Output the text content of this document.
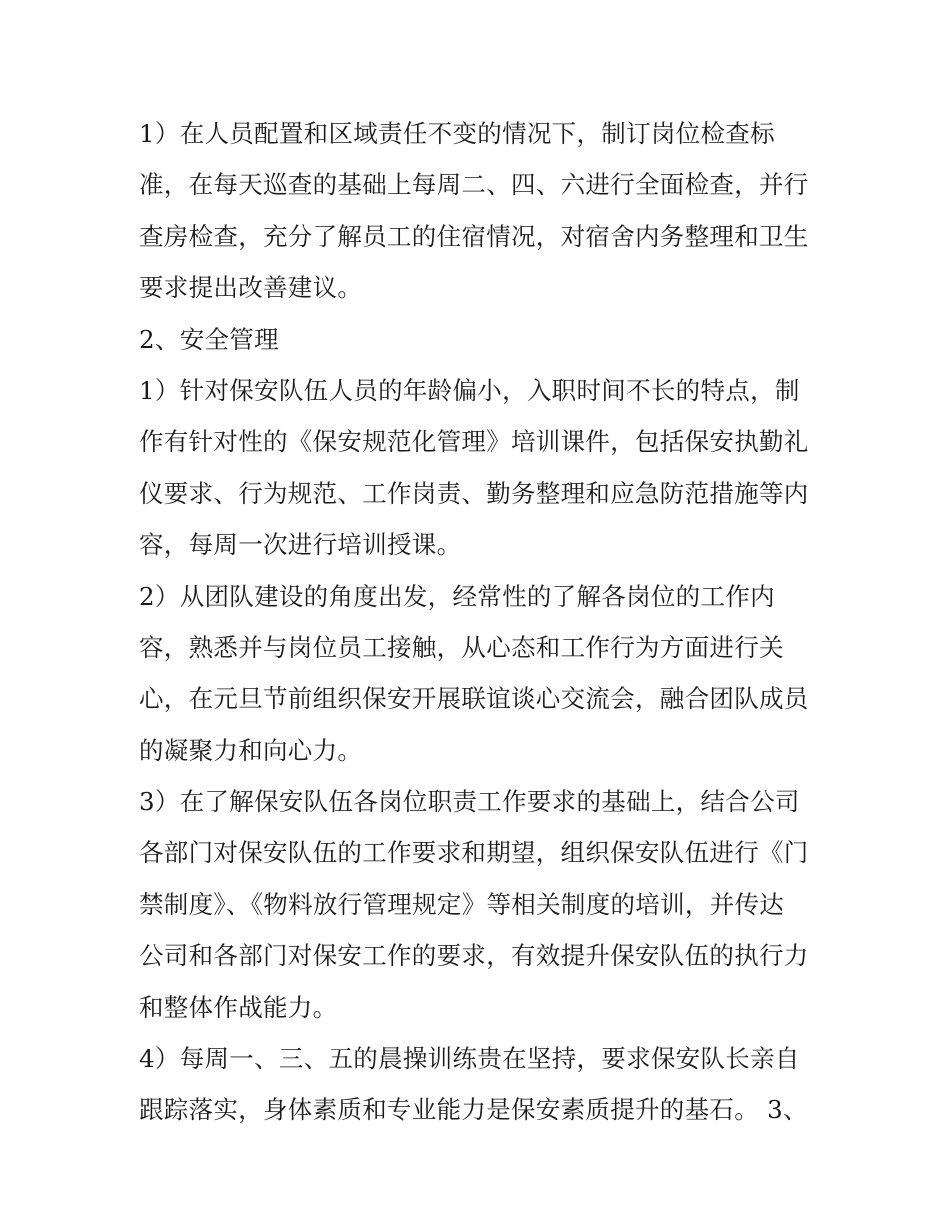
1）在人员配置和区域责任不变的情况下，制订岗位检查标
准，在每天巡查的基础上每周二、四、六进行全面检查，并行
查房检查，充分了解员工的住宿情况，对宿舍内务整理和卫生
要求提出改善建议。
2、安全管理
1）针对保安队伍人员的年龄偏小，入职时间不长的特点，制
作有针对性的《保安规范化管理》培训课件，包括保安执勤礼
仪要求、行为规范、工作岗责、勤务整理和应急防范措施等内
容，每周一次进行培训授课。
2）从团队建设的角度出发，经常性的了解各岗位的工作内
容，熟悉并与岗位员工接触，从心态和工作行为方面进行关
心，在元旦节前组织保安开展联谊谈心交流会，融合团队成员
的凝聚力和向心力。
3）在了解保安队伍各岗位职责工作要求的基础上，结合公司
各部门对保安队伍的工作要求和期望，组织保安队伍进行《门
禁制度》、《物料放行管理规定》等相关制度的培训，并传达
公司和各部门对保安工作的要求，有效提升保安队伍的执行力
和整体作战能力。
4）每周一、三、五的晨操训练贵在坚持，要求保安队长亲自
跟踪落实，身体素质和专业能力是保安素质提升的基石。 3、
